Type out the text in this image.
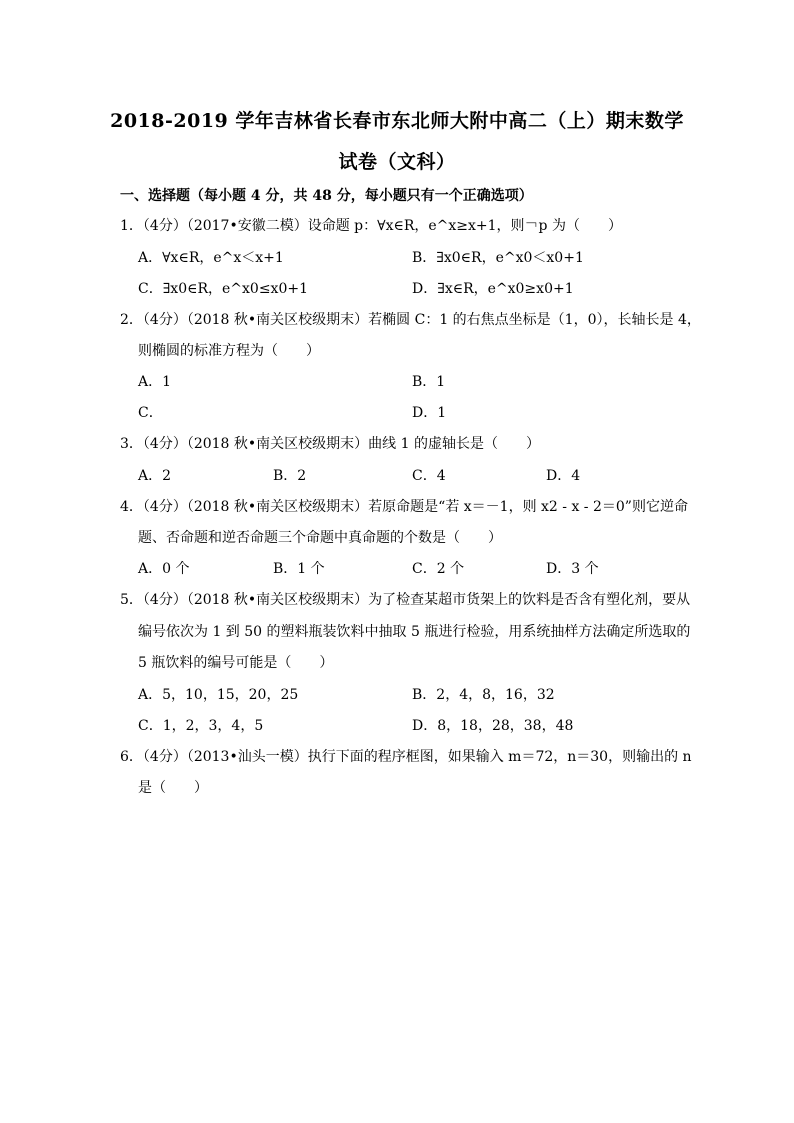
2018-2019 学年吉林省长春市东北师大附中高二（上）期末数学
试卷（文科）
一、选择题（每小题 4 分，共 48 分，每小题只有一个正确选项）
1．（4分）（2017•安徽二模）设命题 p：∀x∈R，e^x≥x+1，则￢p 为（　　）
A．∀x∈R，e^x＜x+1	B．∃x0∈R，e^x0＜x0+1
C．∃x0∈R，e^x0≤x0+1	D．∃x∈R，e^x0≥x0+1
2．（4分）（2018 秋•南关区校级期末）若椭圆 C：1 的右焦点坐标是（1，0），长轴长是 4，
则椭圆的标准方程为（　　）
A．1	B．1
C．	D．1
3．（4分）（2018 秋•南关区校级期末）曲线 1 的虚轴长是（　　）
A．2	B．2	C．4	D．4
4．（4分）（2018 秋•南关区校级期末）若原命题是“若 x＝－1，则 x2 - x - 2＝0”则它逆命
题、否命题和逆否命题三个命题中真命题的个数是（　　）
A．0 个	B．1 个	C．2 个	D．3 个
5．（4分）（2018 秋•南关区校级期末）为了检查某超市货架上的饮料是否含有塑化剂，要从
编号依次为 1 到 50 的塑料瓶装饮料中抽取 5 瓶进行检验，用系统抽样方法确定所选取的
5 瓶饮料的编号可能是（　　）
A．5，10，15，20，25	B．2，4，8，16，32
C．1，2，3，4，5	D．8，18，28，38，48
6．（4分）（2013•汕头一模）执行下面的程序框图，如果输入 m＝72，n＝30，则输出的 n
是（　　）
